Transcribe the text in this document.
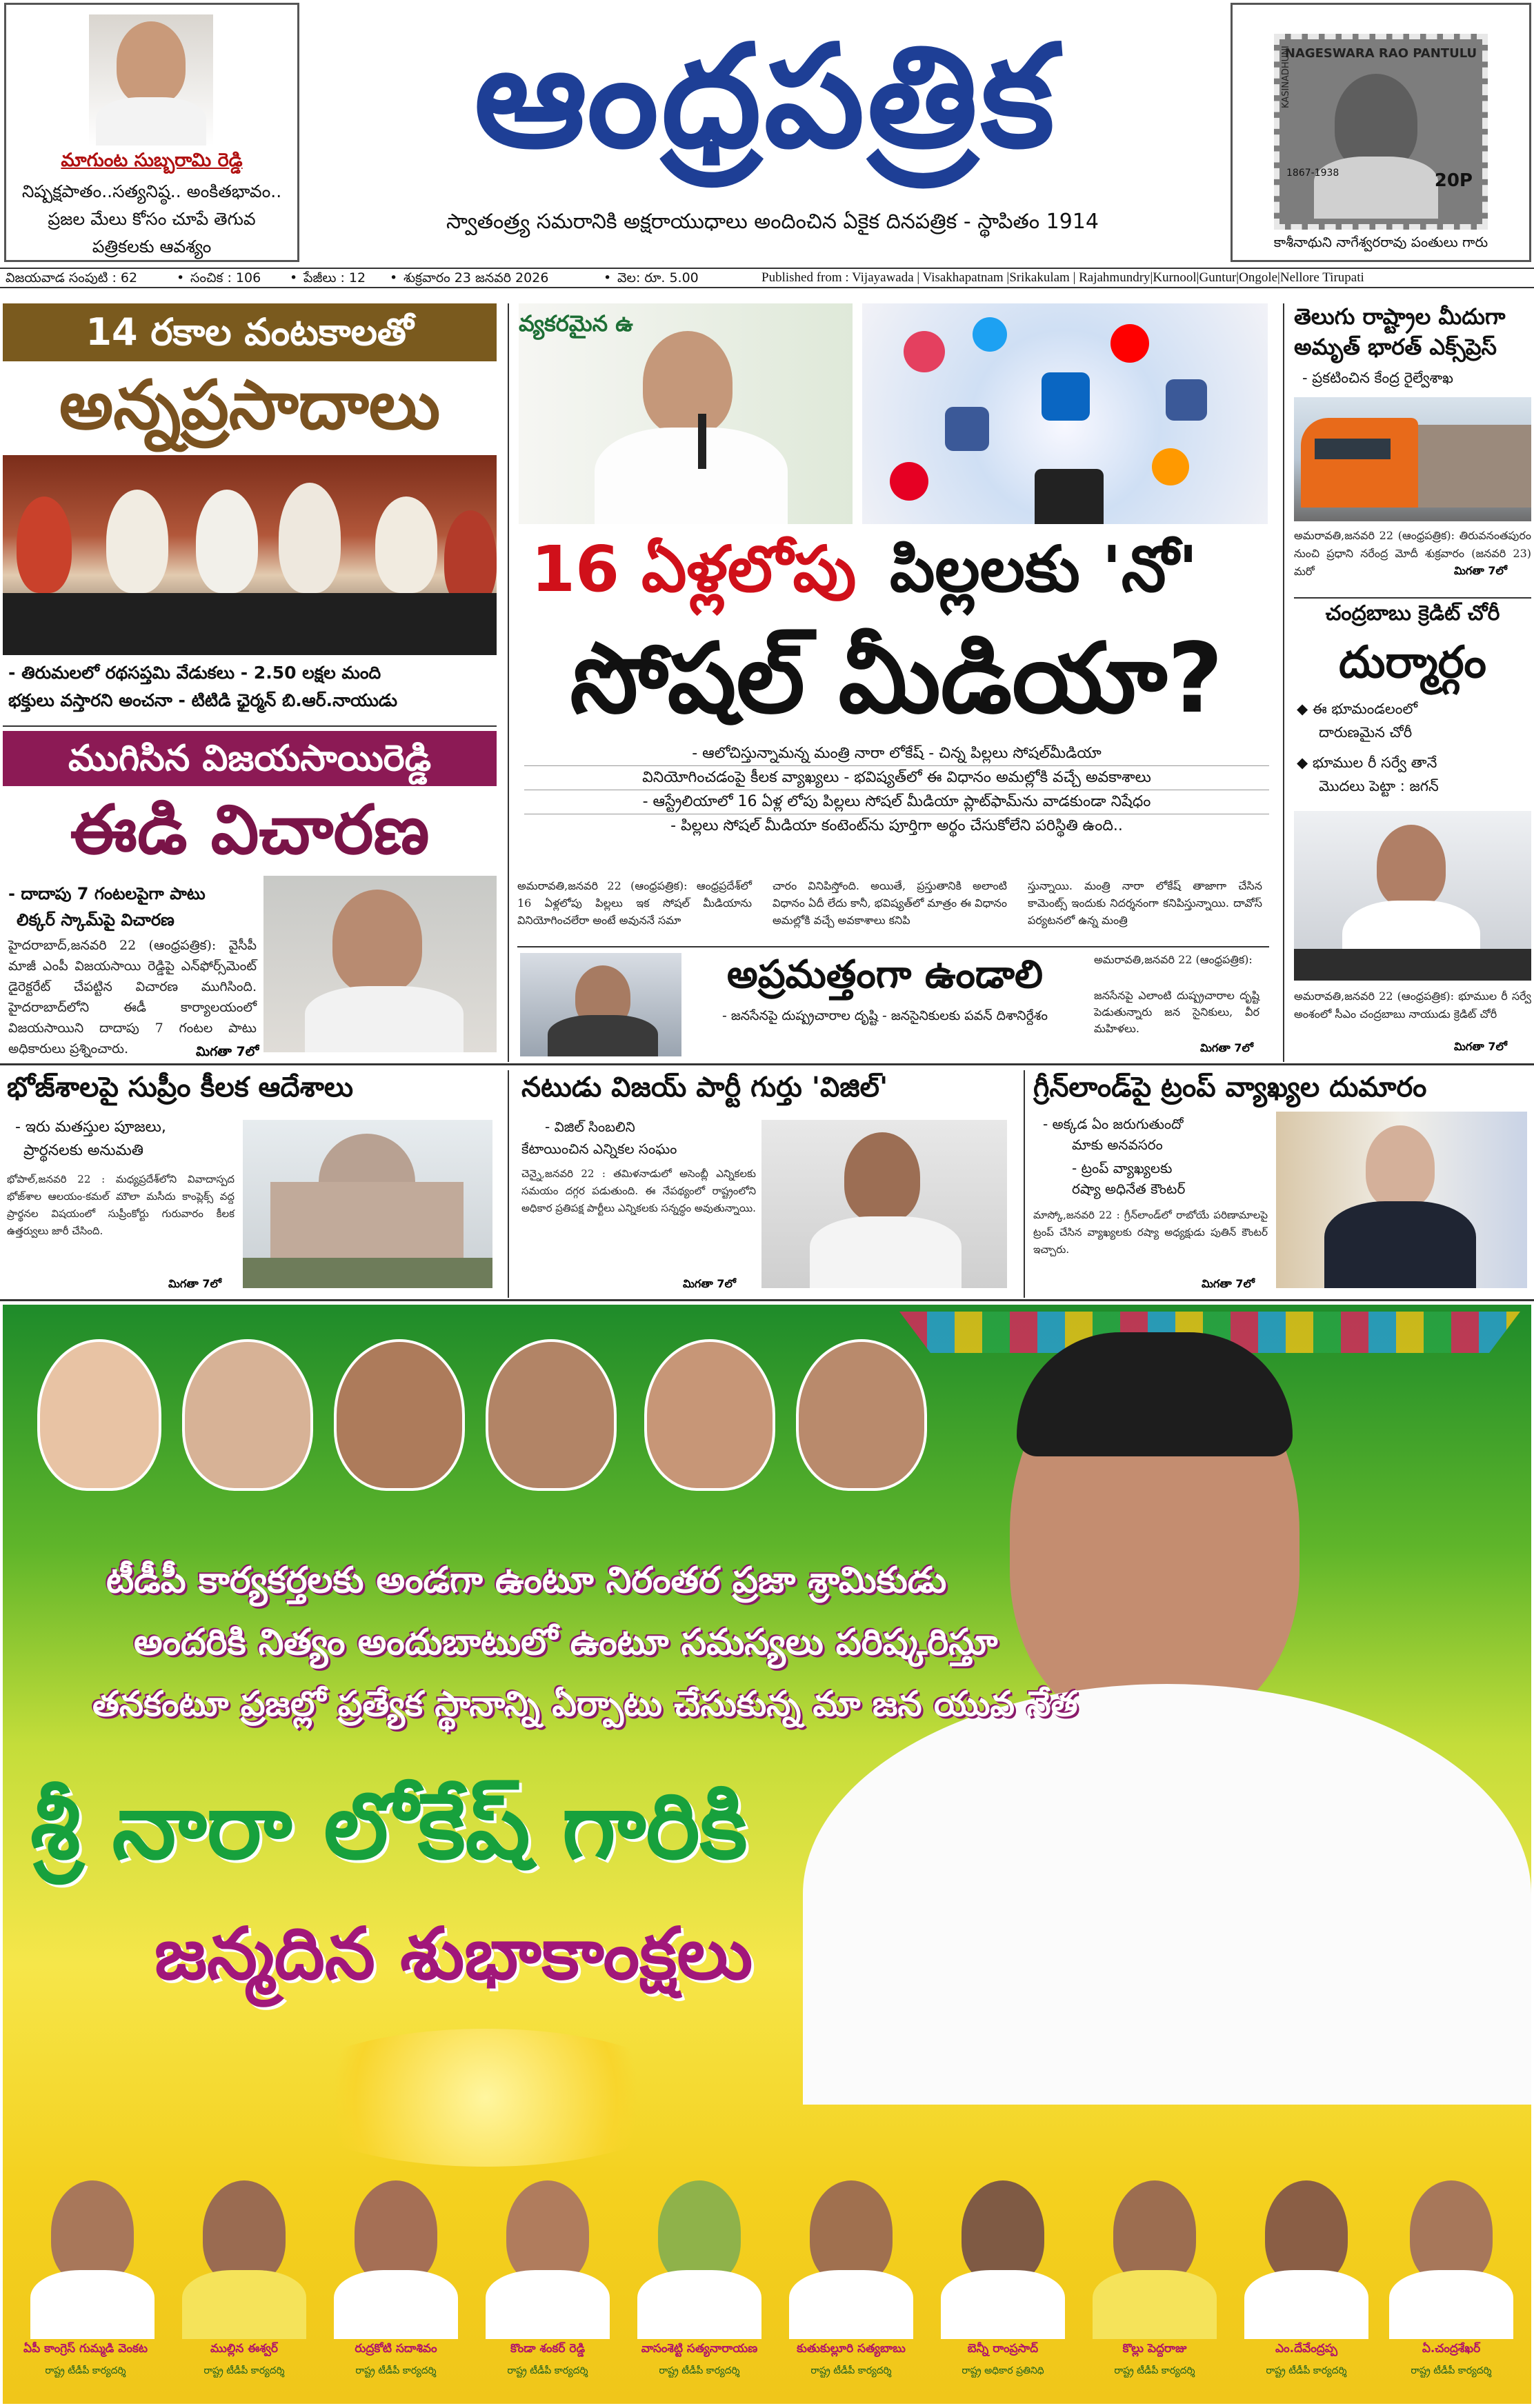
మాగుంట సుబ్బరామి రెడ్డి
నిష్పక్షపాతం..సత్యనిష్ఠ.. అంకితభావం..
ప్రజల మేలు కోసం చూపే తెగువ
పత్రికలకు ఆవశ్యం
ఆంధ్రపత్రిక
స్వాతంత్ర్య సమరానికి అక్షరాయుధాలు అందించిన ఏకైక దినపత్రిక - స్థాపితం 1914
NAGESWARA RAO PANTULU
KASINADHUNI
20P
1867-1938
కాశీనాథుని నాగేశ్వరరావు పంతులు గారు
విజయవాడ సంపుటి : 62	• సంచిక : 106 • పేజీలు : 12 • శుక్రవారం 23 జనవరి 2026	• వెల: రూ. 5.00	Published from : Vijayawada | Visakhapatnam |Srikakulam | Rajahmundry|Kurnool|Guntur|Ongole|Nellore Tirupati
14 రకాల వంటకాలతో
అన్నప్రసాదాలు
- తిరుమలలో రథసప్తమి వేడుకలు - 2.50 లక్షల మంది
భక్తులు వస్తారని అంచనా - టిటిడి ఛైర్మన్ బి.ఆర్.నాయుడు
ముగిసిన విజయసాయిరెడ్డి
ఈడి విచారణ
- దాదాపు 7 గంటలపైగా పాటు
లిక్కర్ స్కామ్‌పై విచారణ
హైదరాబాద్,జనవరి 22 (ఆంధ్రపత్రిక): వైసీపీ మాజీ ఎంపీ విజయసాయి రెడ్డిపై ఎన్‌ఫోర్స్‌మెంట్ డైరెక్టరేట్ చేపట్టిన విచారణ ముగిసింది. హైదరాబాద్‌లోని ఈడీ కార్యాలయంలో విజయసాయిని దాదాపు 7 గంటల పాటు అధికారులు ప్రశ్నించారు.	మిగతా 7లో
వ్యకరమైన ఉ
16 ఏళ్లలోపు పిల్లలకు 'నో'
సోషల్ మీడియా?
- ఆలోచిస్తున్నామన్న మంత్రి నారా లోకేష్ - చిన్న పిల్లలు సోషల్‌మీడియా
వినియోగించడంపై కీలక వ్యాఖ్యలు - భవిష్యత్‌లో ఈ విధానం అమల్లోకి వచ్చే అవకాశాలు
- ఆస్ట్రేలియాలో 16 ఏళ్ల లోపు పిల్లలు సోషల్ మీడియా ప్లాట్‌ఫామ్‌ను వాడకుండా నిషేధం
- పిల్లలు సోషల్ మీడియా కంటెంట్‌ను పూర్తిగా అర్థం చేసుకోలేని పరిస్థితి ఉంది..
అమరావతి,జనవరి 22 (ఆంధ్రపత్రిక): ఆంధ్రప్రదేశ్‌లో 16 ఏళ్లలోపు పిల్లలు ఇక సోషల్ మీడియాను వినియోగించలేరా అంటే అవుననే సమా
చారం వినిపిస్తోంది. అయితే, ప్రస్తుతానికి అలాంటి విధానం ఏదీ లేదు కానీ, భవిష్యత్‌లో మాత్రం ఈ విధానం అమల్లోకి వచ్చే అవకాశాలు కనిపి
స్తున్నాయి. మంత్రి నారా లోకేష్ తాజాగా చేసిన కామెంట్స్ ఇందుకు నిదర్శనంగా కనిపిస్తున్నాయి. దావోస్ పర్యటనలో ఉన్న మంత్రి
అప్రమత్తంగా ఉండాలి
- జనసేనపై దుష్ప్రచారాల దృష్టి - జనసైనికులకు పవన్ దిశానిర్దేశం
అమరావతి,జనవరి 22 (ఆంధ్రపత్రిక):
జనసేనపై ఎలాంటి దుష్ప్రచారాల దృష్టి పెడుతున్నారు జన సైనికులు, వీర మహిళలు.
మిగతా 7లో
తెలుగు రాష్ట్రాల మీదుగా
అమృత్ భారత్ ఎక్స్‌ప్రెస్
- ప్రకటించిన కేంద్ర రైల్వేశాఖ
అమరావతి,జనవరి 22 (ఆంధ్రపత్రిక): తిరువనంతపురం నుంచి ప్రధాని నరేంద్ర మోదీ శుక్రవారం (జనవరి 23) మరో	మిగతా 7లో
చంద్రబాబు క్రెడిట్ చోరీ
దుర్మార్గం
◆ ఈ భూమండలంలో
దారుణమైన చోరీ
◆ భూముల రీ సర్వే తానే
మొదలు పెట్టా : జగన్
అమరావతి,జనవరి 22 (ఆంధ్రపత్రిక): భూముల రీ సర్వే అంశంలో సీఎం చంద్రబాబు నాయుడు క్రెడిట్ చోరీ
మిగతా 7లో
భోజ్‌శాలపై సుప్రీం కీలక ఆదేశాలు
- ఇరు మతస్తుల పూజలు,
ప్రార్థనలకు అనుమతి
భోపాల్,జనవరి 22 : మధ్యప్రదేశ్‌లోని వివాదాస్పద భోజ్‌శాల ఆలయం-కమల్ మౌలా మసీదు కాంప్లెక్స్ వద్ద ప్రార్థనల విషయంలో సుప్రీంకోర్టు గురువారం కీలక ఉత్తర్వులు జారీ చేసింది.
మిగతా 7లో
నటుడు విజయ్ పార్టీ గుర్తు 'విజిల్'
- విజిల్ సింబలిని
కేటాయించిన ఎన్నికల సంఘం
చెన్నై,జనవరి 22 : తమిళనాడులో అసెంబ్లీ ఎన్నికలకు సమయం దగ్గర పడుతుంది. ఈ నేపథ్యంలో రాష్ట్రంలోని అధికార ప్రతిపక్ష పార్టీలు ఎన్నికలకు సన్నద్ధం అవుతున్నాయి.
మిగతా 7లో
గ్రీన్‌లాండ్‌పై ట్రంప్ వ్యాఖ్యల దుమారం
- అక్కడ ఏం జరుగుతుందో
మాకు అనవసరం
- ట్రంప్ వ్యాఖ్యలకు
రష్యా అధినేత కౌంటర్
మాస్కో,జనవరి 22 : గ్రీన్‌లాండ్‌లో రాబోయే పరిణామాలపై ట్రంప్ చేసిన వ్యాఖ్యలకు రష్యా అధ్యక్షుడు పుతిన్ కౌంటర్ ఇచ్చారు.
మిగతా 7లో
టీడీపీ కార్యకర్తలకు అండగా ఉంటూ నిరంతర ప్రజా శ్రామికుడు
అందరికి నిత్యం అందుబాటులో ఉంటూ సమస్యలు పరిష్కరిస్తూ
తనకంటూ ప్రజల్లో ప్రత్యేక స్థానాన్ని ఏర్పాటు చేసుకున్న మా జన యువ నేత
శ్రీ నారా లోకేష్ గారికి
జన్మదిన శుభాకాంక్షలు
ఏపీ కాంగ్రెస్ గుమ్మడి వెంకట	ముల్లిన ఈశ్వర్	రుద్రకోటి సదాశివం	కొండా శంకర్ రెడ్డి	వాసంశెట్టి సత్యనారాయణ	కుతుకుల్లూరి సత్యబాబు	బెన్నీ రాంప్రసాద్	కొల్లు పెద్దరాజు	ఎం.దేవేంద్రప్ప	ఏ.చంద్రశేఖర్
రాష్ట్ర టీడీపీ కార్యదర్శి	రాష్ట్ర టీడీపీ కార్యదర్శి	రాష్ట్ర టీడీపీ కార్యదర్శి	రాష్ట్ర టీడీపీ కార్యదర్శి	రాష్ట్ర టీడీపీ కార్యదర్శి	రాష్ట్ర టీడీపీ కార్యదర్శి	రాష్ట్ర అధికార ప్రతినిధి	రాష్ట్ర టీడీపీ కార్యదర్శి	రాష్ట్ర టీడీపీ కార్యదర్శి	రాష్ట్ర టీడీపీ కార్యదర్శి
